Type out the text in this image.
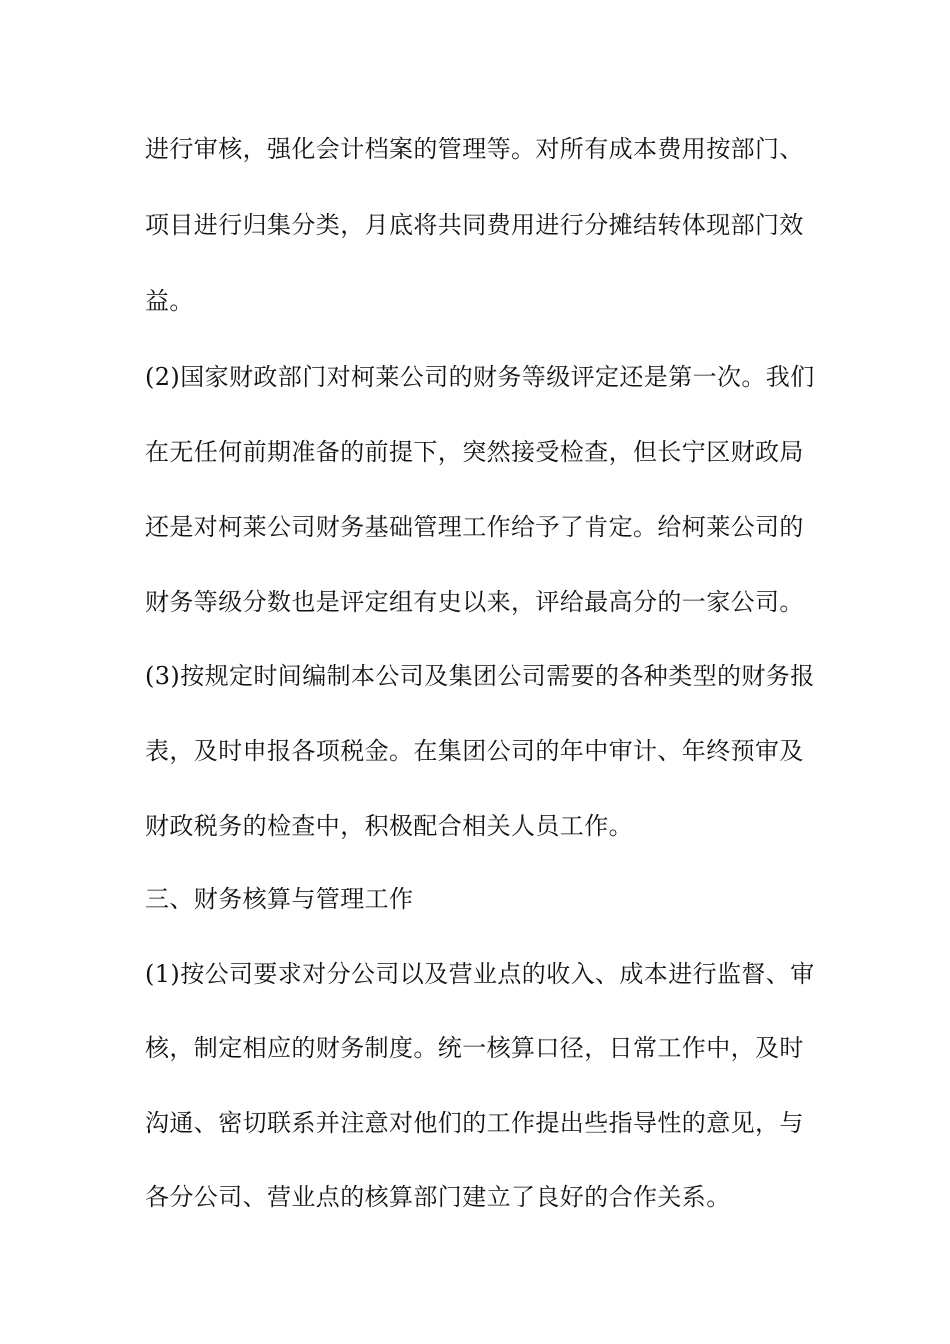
进行审核，强化会计档案的管理等。对所有成本费用按部门、
项目进行归集分类，月底将共同费用进行分摊结转体现部门效
益。
(2)国家财政部门对柯莱公司的财务等级评定还是第一次。我们
在无任何前期准备的前提下，突然接受检查，但长宁区财政局
还是对柯莱公司财务基础管理工作给予了肯定。给柯莱公司的
财务等级分数也是评定组有史以来，评给最高分的一家公司。
(3)按规定时间编制本公司及集团公司需要的各种类型的财务报
表，及时申报各项税金。在集团公司的年中审计、年终预审及
财政税务的检查中，积极配合相关人员工作。
三、财务核算与管理工作
(1)按公司要求对分公司以及营业点的收入、成本进行监督、审
核，制定相应的财务制度。统一核算口径，日常工作中，及时
沟通、密切联系并注意对他们的工作提出些指导性的意见，与
各分公司、营业点的核算部门建立了良好的合作关系。
